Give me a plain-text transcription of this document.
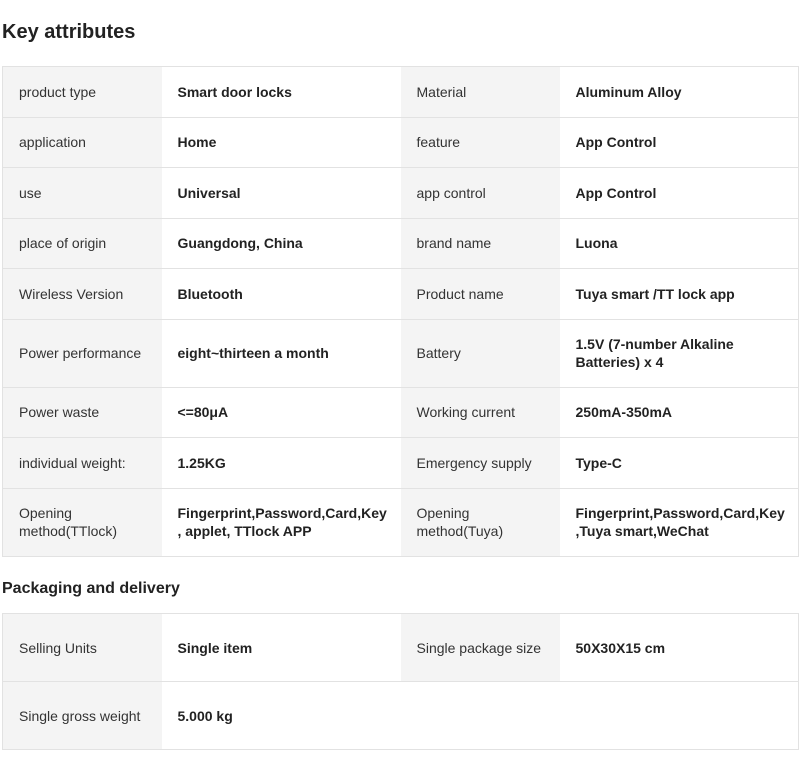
Key attributes
product type	Smart door locks	Material	Aluminum Alloy
application	Home	feature	App Control
use	Universal	app control	App Control
place of origin	Guangdong, China	brand name	Luona
Wireless Version	Bluetooth	Product name	Tuya smart /TT lock app
Power performance	eight~thirteen a month	Battery	1.5V (7-number Alkaline Batteries) x 4
Power waste	<=80μA	Working current	250mA-350mA
individual weight:	1.25KG	Emergency supply	Type-C
Opening method(TTlock)	Fingerprint,Password,Card,Key , applet, TTlock APP	Opening method(Tuya)	Fingerprint,Password,Card,Key ,Tuya smart,WeChat
Packaging and delivery
Selling Units	Single item	Single package size	50X30X15 cm
Single gross weight	5.000 kg		
